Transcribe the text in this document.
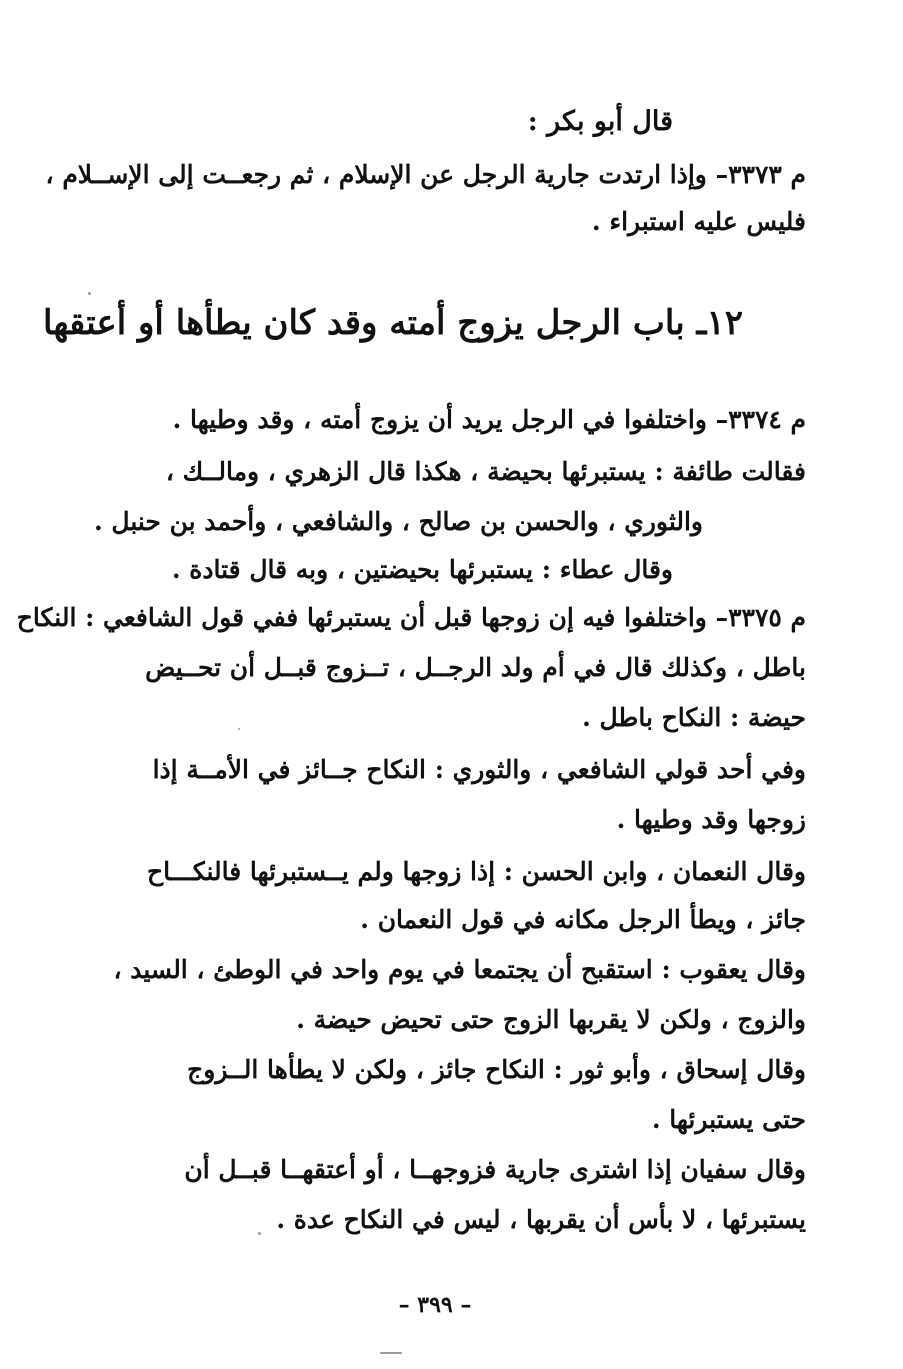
قال أبو بكر :
م ٣٣٧٣– وإذا ارتدت جارية الرجل عن الإسلام ، ثم رجعــت إلى الإســلام ،
فليس عليه استبراء .
١٢ـ باب الرجل يزوج أمته وقد كان يطأها أو أعتقها
م ٣٣٧٤– واختلفوا في الرجل يريد أن يزوج أمته ، وقد وطيها .
فقالت طائفة : يستبرئها بحيضة ، هكذا قال الزهري ، ومالــك ،
والثوري ، والحسن بن صالح ، والشافعي ، وأحمد بن حنبل .
وقال عطاء : يستبرئها بحيضتين ، وبه قال قتادة .
م ٣٣٧٥– واختلفوا فيه إن زوجها قبل أن يستبرئها ففي قول الشافعي : النكاح
باطل ، وكذلك قال في أم ولد الرجــل ، تــزوج قبــل أن تحــيض
حيضة : النكاح باطل .
وفي أحد قولي الشافعي ، والثوري : النكاح جــائز في الأمــة إذا
زوجها وقد وطيها .
وقال النعمان ، وابن الحسن : إذا زوجها ولم يــستبرئها فالنكـــاح
جائز ، ويطأ الرجل مكانه في قول النعمان .
وقال يعقوب : استقبح أن يجتمعا في يوم واحد في الوطئ ، السيد ،
والزوج ، ولكن لا يقربها الزوج حتى تحيض حيضة .
وقال إسحاق ، وأبو ثور : النكاح جائز ، ولكن لا يطأها الــزوج
حتى يستبرئها .
وقال سفيان إذا اشترى جارية فزوجهــا ، أو أعتقهــا قبــل أن
يستبرئها ، لا بأس أن يقربها ، ليس في النكاح عدة .
– ٣٩٩ –
